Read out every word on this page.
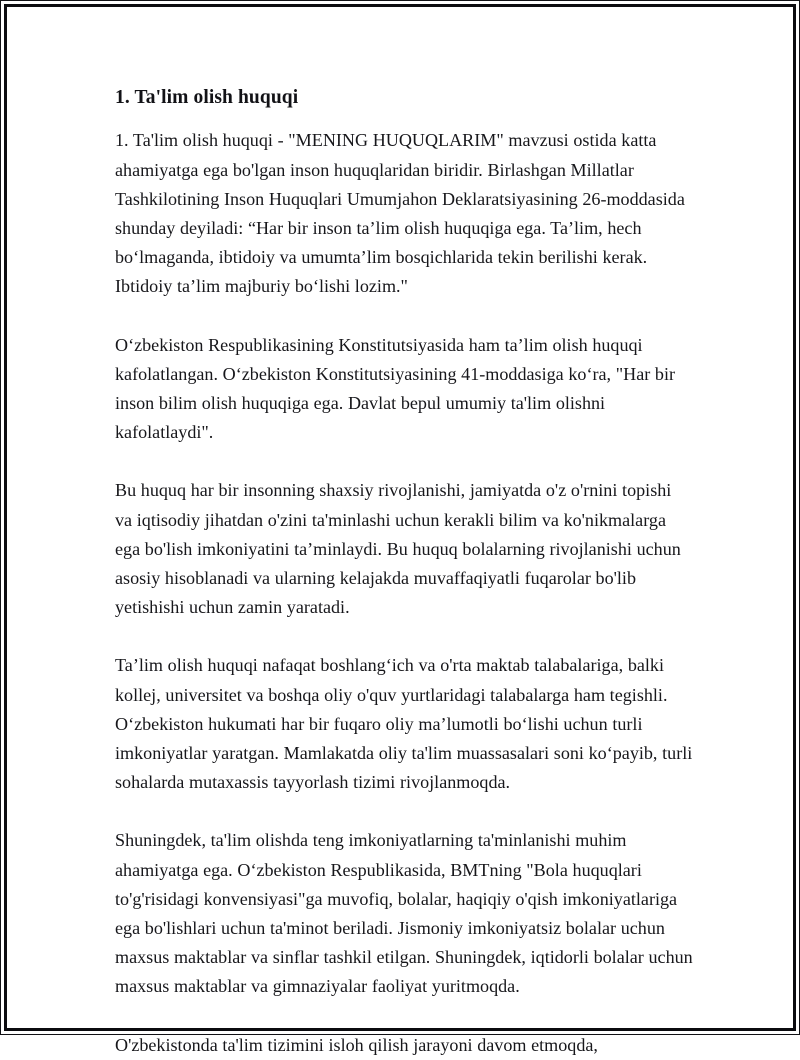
1. Ta'lim olish huquqi

1. Ta'lim olish huquqi - "MENING HUQUQLARIM" mavzusi ostida katta ahamiyatga ega bo'lgan inson huquqlaridan biridir. Birlashgan Millatlar Tashkilotining Inson Huquqlari Umumjahon Deklaratsiyasining 26-moddasida shunday deyiladi: “Har bir inson ta’lim olish huquqiga ega. Ta’lim, hech boʻlmaganda, ibtidoiy va umumta’lim bosqichlarida tekin berilishi kerak. Ibtidoiy ta’lim majburiy boʻlishi lozim."

Oʻzbekiston Respublikasining Konstitutsiyasida ham ta’lim olish huquqi kafolatlangan. Oʻzbekiston Konstitutsiyasining 41-moddasiga koʻra, "Har bir inson bilim olish huquqiga ega. Davlat bepul umumiy ta'lim olishni kafolatlaydi".

Bu huquq har bir insonning shaxsiy rivojlanishi, jamiyatda o'z o'rnini topishi va iqtisodiy jihatdan o'zini ta'minlashi uchun kerakli bilim va ko'nikmalarga ega bo'lish imkoniyatini ta’minlaydi. Bu huquq bolalarning rivojlanishi uchun asosiy hisoblanadi va ularning kelajakda muvaffaqiyatli fuqarolar bo'lib yetishishi uchun zamin yaratadi.

Ta’lim olish huquqi nafaqat boshlangʻich va o'rta maktab talabalariga, balki kollej, universitet va boshqa oliy o'quv yurtlaridagi talabalarga ham tegishli. Oʻzbekiston hukumati har bir fuqaro oliy ma’lumotli boʻlishi uchun turli imkoniyatlar yaratgan. Mamlakatda oliy ta'lim muassasalari soni koʻpayib, turli sohalarda mutaxassis tayyorlash tizimi rivojlanmoqda.

Shuningdek, ta'lim olishda teng imkoniyatlarning ta'minlanishi muhim ahamiyatga ega. Oʻzbekiston Respublikasida, BMTning "Bola huquqlari to'g'risidagi konvensiyasi"ga muvofiq, bolalar, haqiqiy o'qish imkoniyatlariga ega bo'lishlari uchun ta'minot beriladi. Jismoniy imkoniyatsiz bolalar uchun maxsus maktablar va sinflar tashkil etilgan. Shuningdek, iqtidorli bolalar uchun maxsus maktablar va gimnaziyalar faoliyat yuritmoqda.

O'zbekistonda ta'lim tizimini isloh qilish jarayoni davom etmoqda,
